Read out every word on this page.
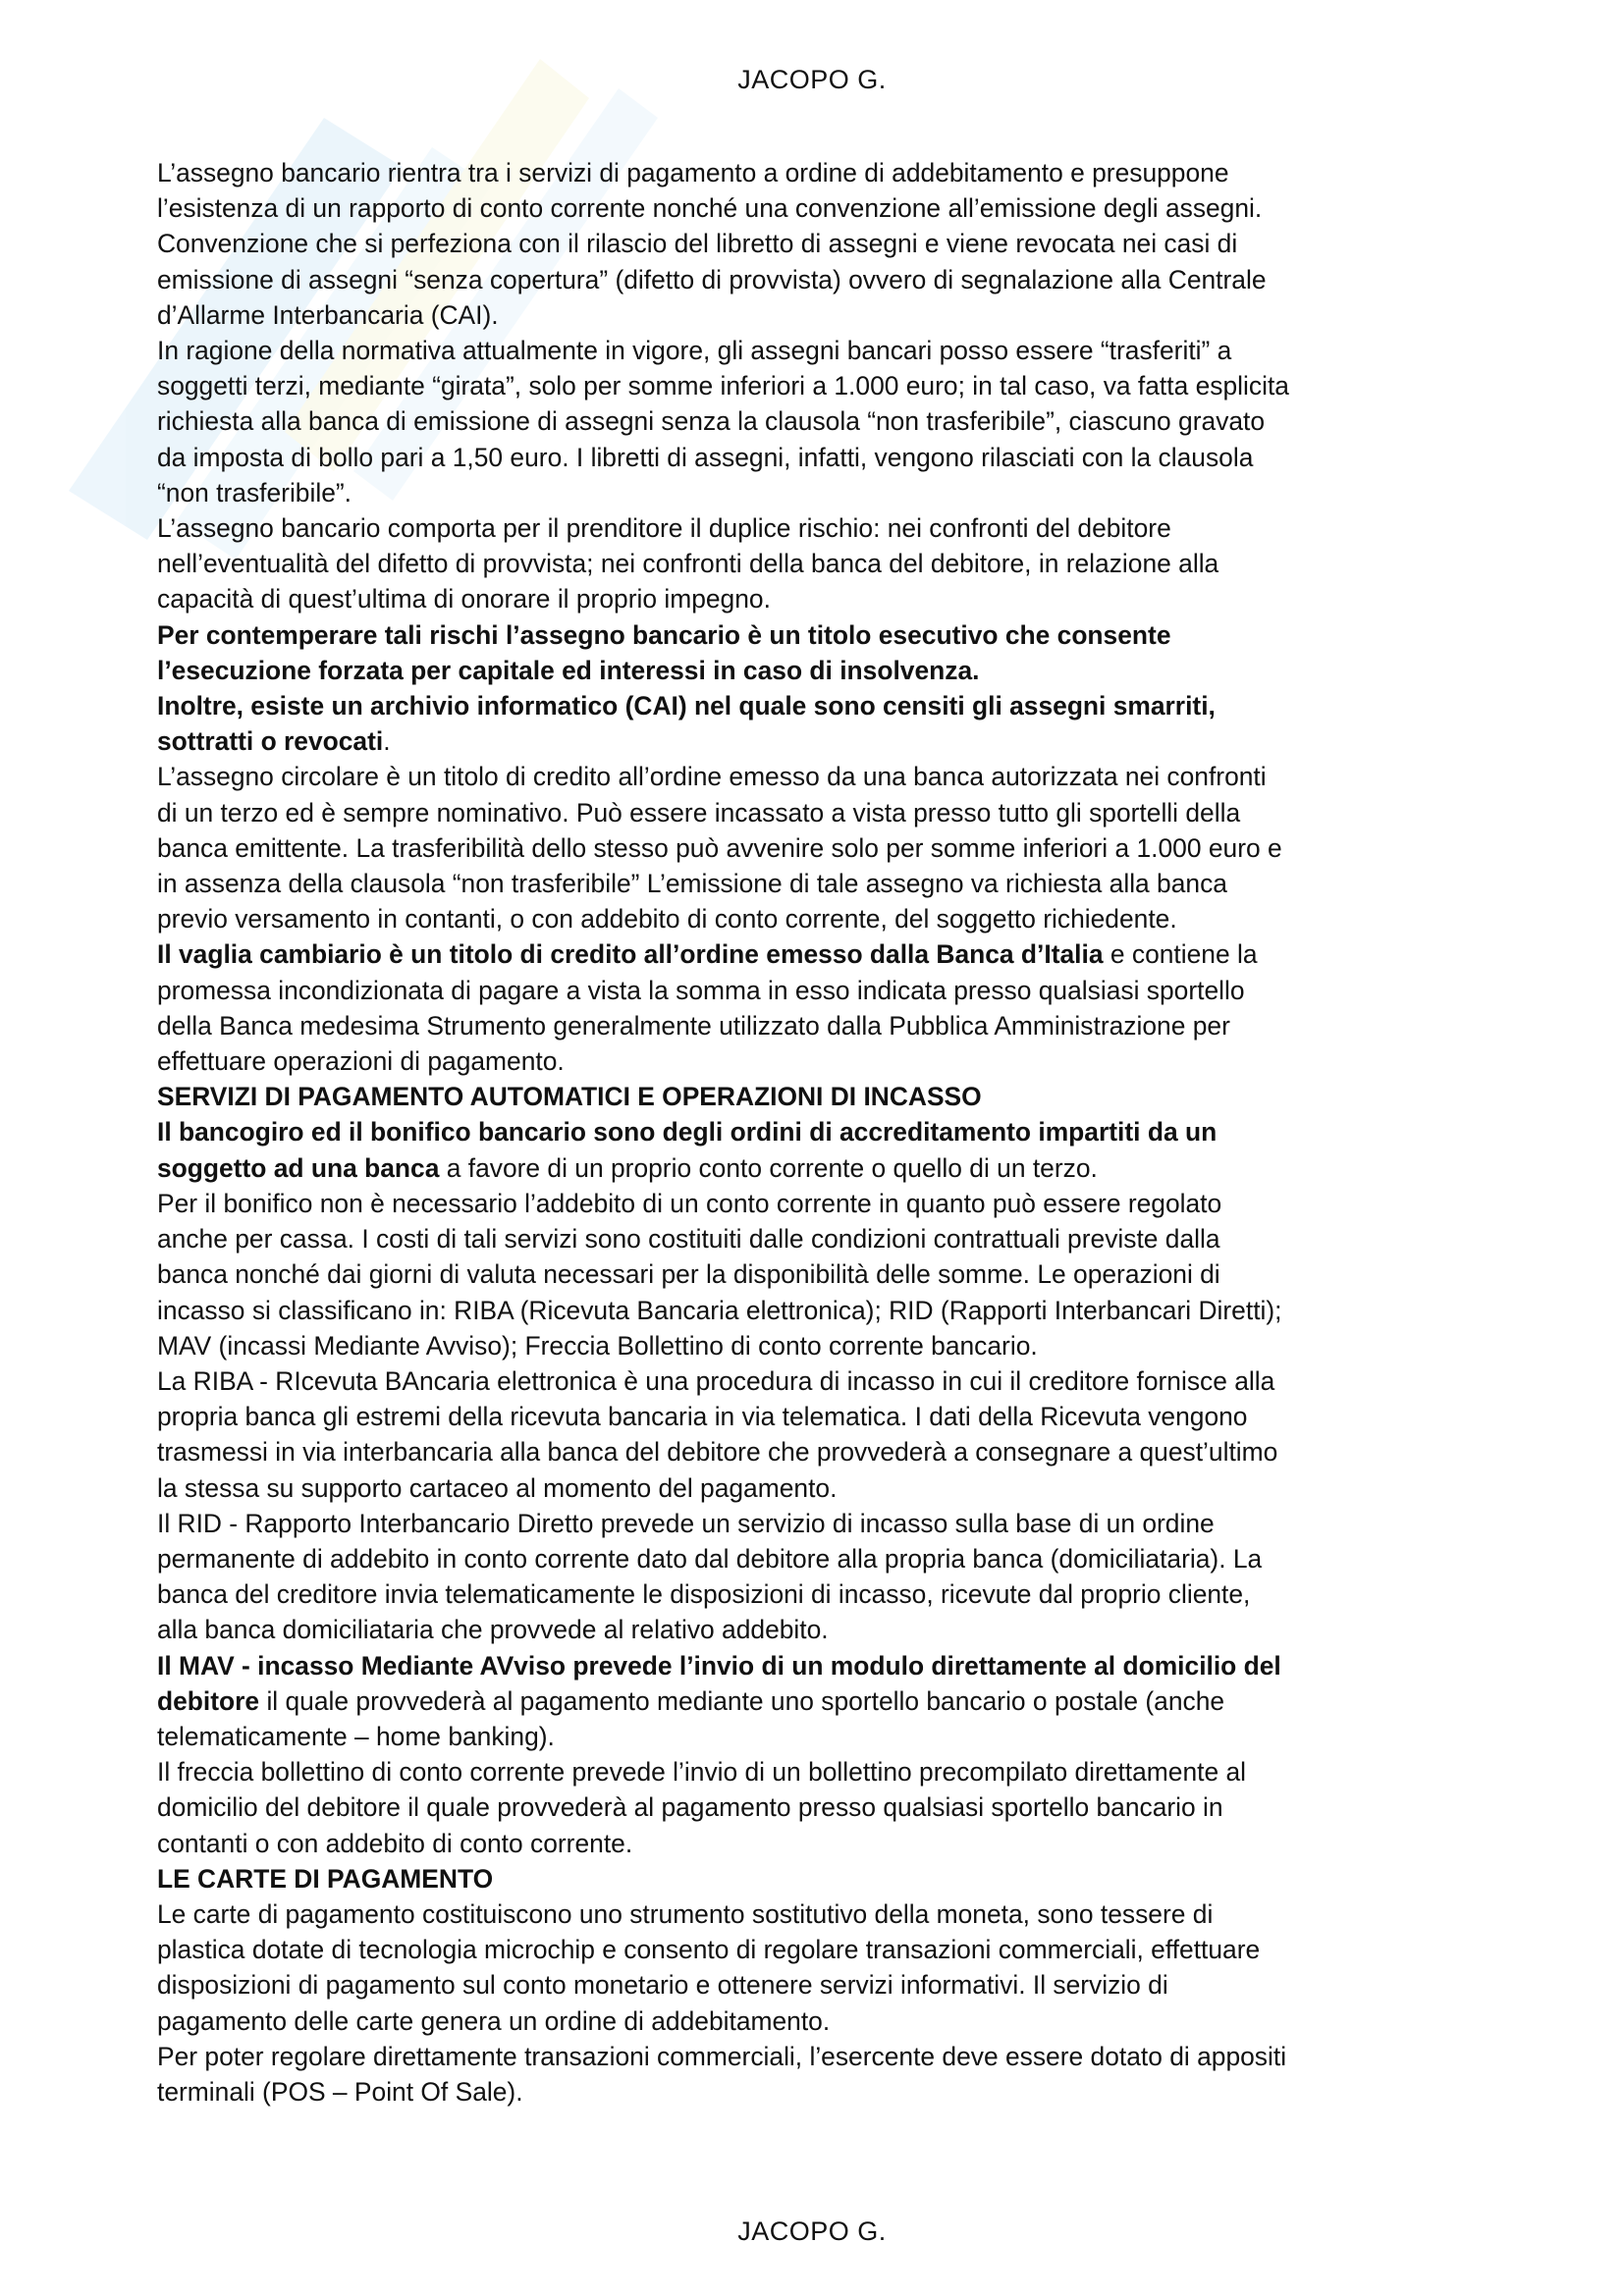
JACOPO G.

L’assegno bancario rientra tra i servizi di pagamento a ordine di addebitamento e presuppone
l’esistenza di un rapporto di conto corrente nonché una convenzione all’emissione degli assegni.
Convenzione che si perfeziona con il rilascio del libretto di assegni e viene revocata nei casi di
emissione di assegni “senza copertura” (difetto di provvista) ovvero di segnalazione alla Centrale
d’Allarme Interbancaria (CAI).

In ragione della normativa attualmente in vigore, gli assegni bancari posso essere “trasferiti” a
soggetti terzi, mediante “girata”, solo per somme inferiori a 1.000 euro; in tal caso, va fatta esplicita
richiesta alla banca di emissione di assegni senza la clausola “non trasferibile”, ciascuno gravato
da imposta di bollo pari a 1,50 euro. I libretti di assegni, infatti, vengono rilasciati con la clausola
“non trasferibile”.

L’assegno bancario comporta per il prenditore il duplice rischio: nei confronti del debitore
nell’eventualità del difetto di provvista; nei confronti della banca del debitore, in relazione alla
capacità di quest’ultima di onorare il proprio impegno.

Per contemperare tali rischi l’assegno bancario è un titolo esecutivo che consente
l’esecuzione forzata per capitale ed interessi in caso di insolvenza.

Inoltre, esiste un archivio informatico (CAI) nel quale sono censiti gli assegni smarriti,
sottratti o revocati.

L’assegno circolare è un titolo di credito all’ordine emesso da una banca autorizzata nei confronti
di un terzo ed è sempre nominativo. Può essere incassato a vista presso tutto gli sportelli della
banca emittente. La trasferibilità dello stesso può avvenire solo per somme inferiori a 1.000 euro e
in assenza della clausola “non trasferibile” L’emissione di tale assegno va richiesta alla banca
previo versamento in contanti, o con addebito di conto corrente, del soggetto richiedente.

Il vaglia cambiario è un titolo di credito all’ordine emesso dalla Banca d’Italia e contiene la
promessa incondizionata di pagare a vista la somma in esso indicata presso qualsiasi sportello
della Banca medesima Strumento generalmente utilizzato dalla Pubblica Amministrazione per
effettuare operazioni di pagamento.

SERVIZI DI PAGAMENTO AUTOMATICI E OPERAZIONI DI INCASSO

Il bancogiro ed il bonifico bancario sono degli ordini di accreditamento impartiti da un
soggetto ad una banca a favore di un proprio conto corrente o quello di un terzo.

Per il bonifico non è necessario l’addebito di un conto corrente in quanto può essere regolato
anche per cassa. I costi di tali servizi sono costituiti dalle condizioni contrattuali previste dalla
banca nonché dai giorni di valuta necessari per la disponibilità delle somme. Le operazioni di
incasso si classificano in: RIBA (Ricevuta Bancaria elettronica); RID (Rapporti Interbancari Diretti);
MAV (incassi Mediante Avviso); Freccia Bollettino di conto corrente bancario.

La RIBA - RIcevuta BAncaria elettronica è una procedura di incasso in cui il creditore fornisce alla
propria banca gli estremi della ricevuta bancaria in via telematica. I dati della Ricevuta vengono
trasmessi in via interbancaria alla banca del debitore che provvederà a consegnare a quest’ultimo
la stessa su supporto cartaceo al momento del pagamento.

Il RID - Rapporto Interbancario Diretto prevede un servizio di incasso sulla base di un ordine
permanente di addebito in conto corrente dato dal debitore alla propria banca (domiciliataria). La
banca del creditore invia telematicamente le disposizioni di incasso, ricevute dal proprio cliente,
alla banca domiciliataria che provvede al relativo addebito.

Il MAV - incasso Mediante AVviso prevede l’invio di un modulo direttamente al domicilio del
debitore il quale provvederà al pagamento mediante uno sportello bancario o postale (anche
telematicamente – home banking).

Il freccia bollettino di conto corrente prevede l’invio di un bollettino precompilato direttamente al
domicilio del debitore il quale provvederà al pagamento presso qualsiasi sportello bancario in
contanti o con addebito di conto corrente.

LE CARTE DI PAGAMENTO

Le carte di pagamento costituiscono uno strumento sostitutivo della moneta, sono tessere di
plastica dotate di tecnologia microchip e consento di regolare transazioni commerciali, effettuare
disposizioni di pagamento sul conto monetario e ottenere servizi informativi. Il servizio di
pagamento delle carte genera un ordine di addebitamento.

Per poter regolare direttamente transazioni commerciali, l’esercente deve essere dotato di appositi
terminali (POS – Point Of Sale).

JACOPO G.
